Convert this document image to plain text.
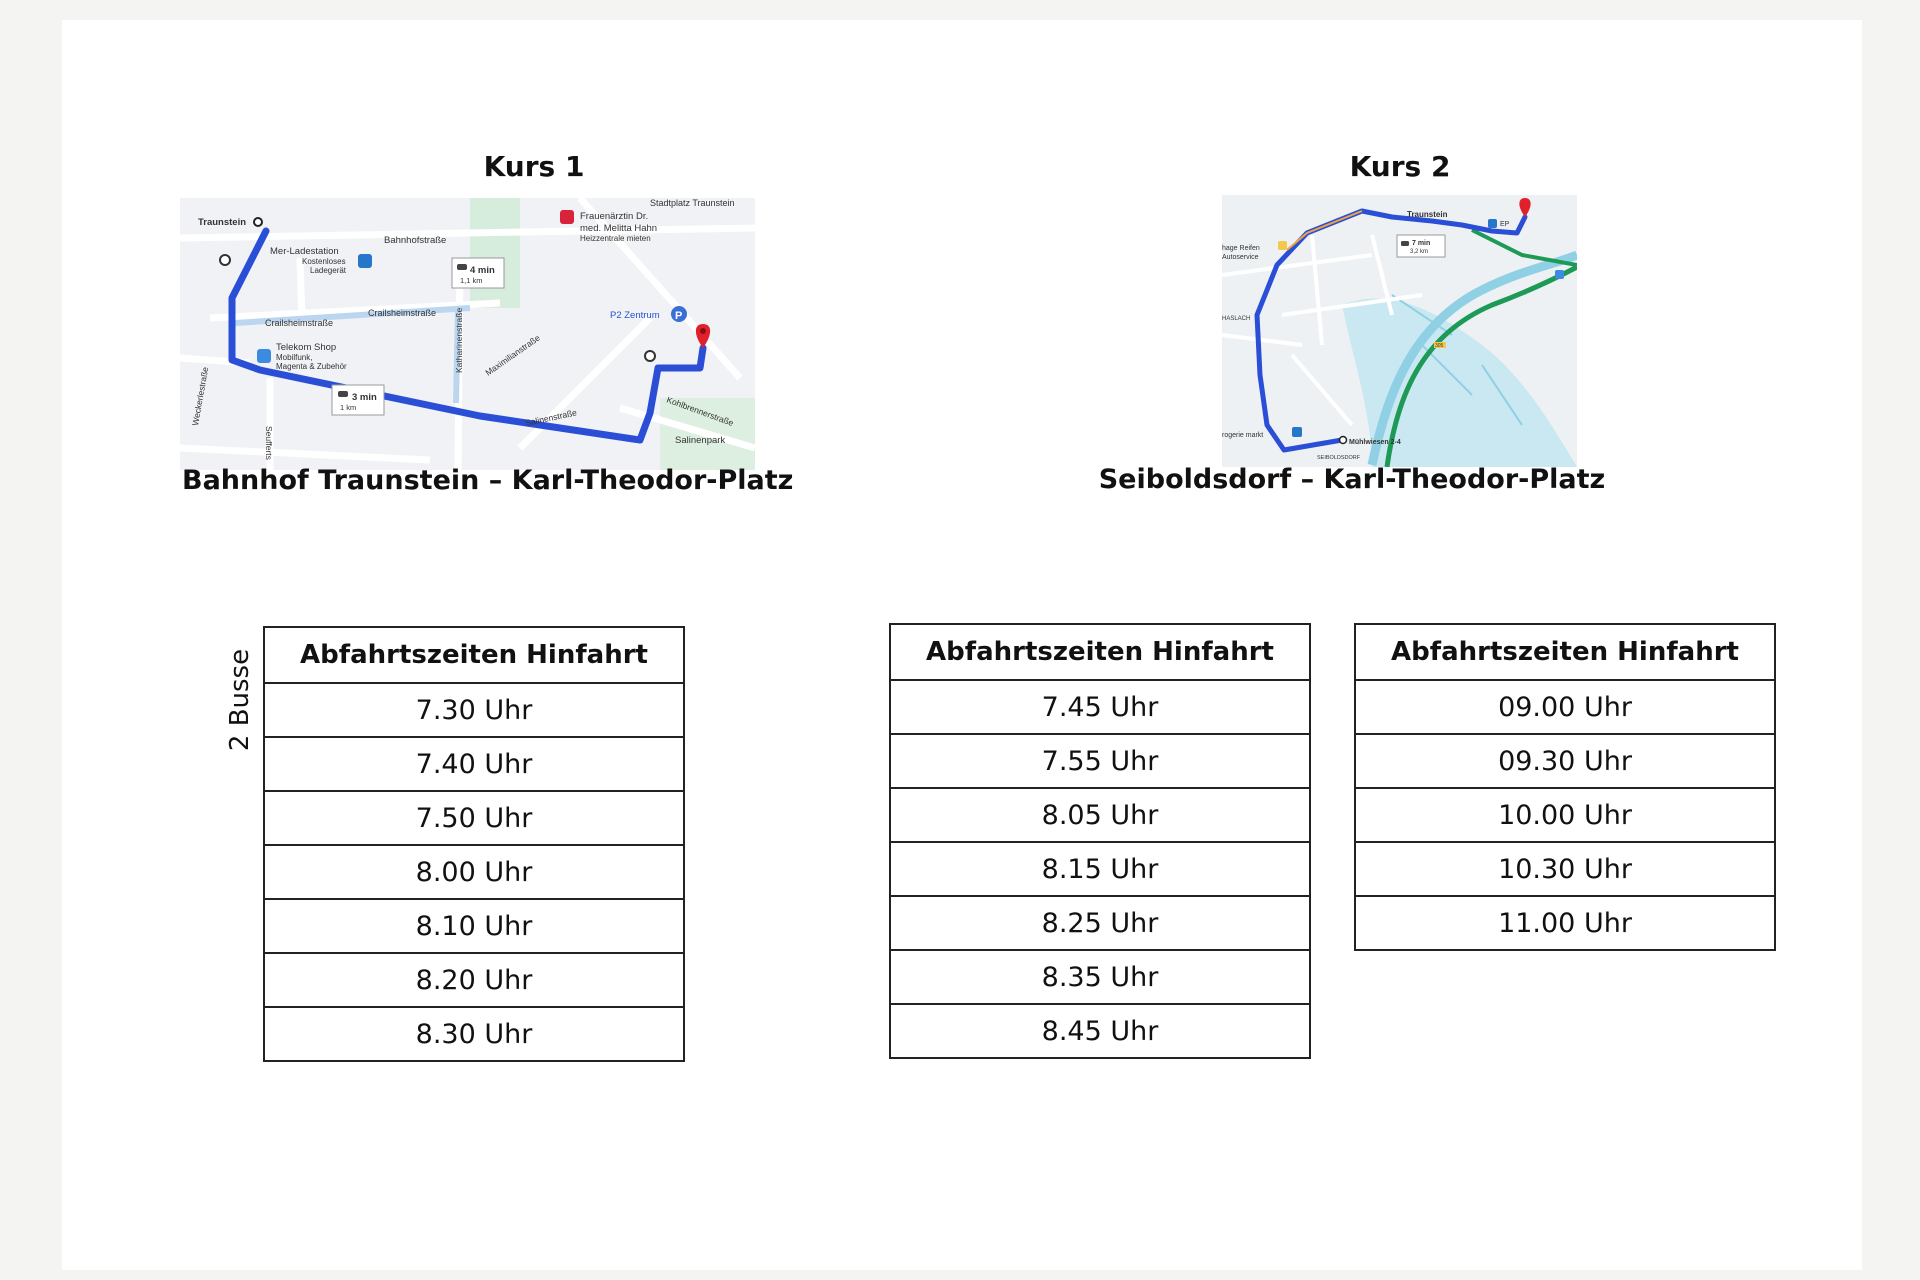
Kurs 1
P
Traunstein
Bahnhofstraße
Mer-Ladestation
Kostenloses
Ladegerät
Crailsheimstraße
Crailsheimstraße
Telekom Shop
Mobilfunk,
Magenta & Zubehör
Frauenärztin Dr.
med. Melitta Hahn
Heizzentrale mieten
Stadtplatz Traunstein
P2 Zentrum
Salinenpark
Maximilianstraße
Salinenstraße	Kohlbrennerstraße
Katharinenstraße
Weckerlestraße
Seufferts
4 min
1,1 km
3 min
1 km
Bahnhof Traunstein – Karl-Theodor-Platz
2 Busse Abfahrtszeiten Hinfahrt
7.30 Uhr
7.40 Uhr
7.50 Uhr
8.00 Uhr
8.10 Uhr
8.20 Uhr
8.30 Uhr
Kurs 2
305
Traunstein
hage Reifen
Autoservice
7 min
3,2 km
EP
HASLACH
rogerie markt
Mühlwiesen 2-4
SEIBOLDSDORF
Seiboldsdorf – Karl-Theodor-Platz
Abfahrtszeiten Hinfahrt
7.45 Uhr
7.55 Uhr
8.05 Uhr
8.15 Uhr
8.25 Uhr
8.35 Uhr
8.45 Uhr
Abfahrtszeiten Hinfahrt
09.00 Uhr
09.30 Uhr
10.00 Uhr
10.30 Uhr
11.00 Uhr
